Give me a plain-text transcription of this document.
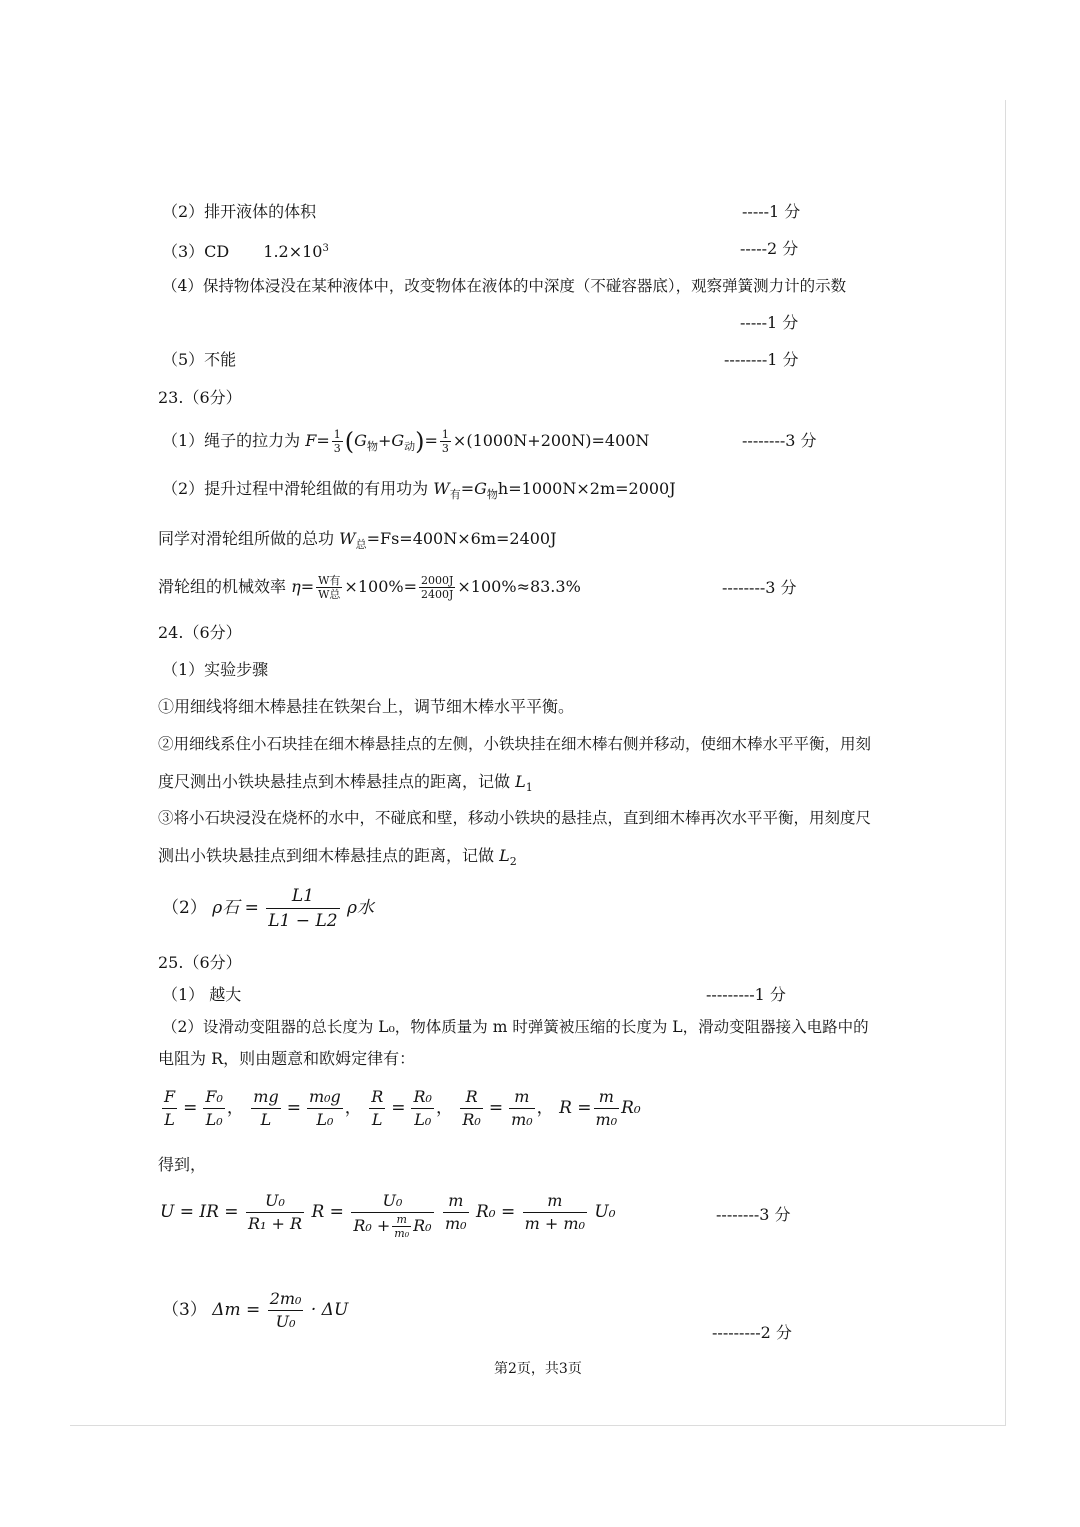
（2）排开液体的体积	-----1 分
（3）CD $1.2\times 10^3$	-----2 分
（4）保持物体浸没在某种液体中，改变物体在液体的中深度（不碰容器底），观察弹簧测力计的示数
-----1 分
（5）不能	--------1 分
23.（6分）
（1）绳子的拉力为 $F= \frac{1}{3} (G_物+G_动)= \frac{1}{3} \times(1000N+200N)=400N$	--------3 分
（2）提升过程中滑轮组做的有用功为 $W_有=G_物h=1000N\times 2m=2000J$
同学对滑轮组所做的总功 $W_总=Fs=400N\times 6m=2400J$
滑轮组的机械效率 $\eta= \frac{\text{W有}}{\text{W总}} \times 100\%= \frac{2000J}{2400J} \times 100\%\approx 83.3\%$	--------3 分
24.（6分）
（1）实验步骤
①用细线将细木棒悬挂在铁架台上，调节细木棒水平平衡。
②用细线系住小石块挂在细木棒悬挂点的左侧，小铁块挂在细木棒右侧并移动，使细木棒水平平衡，用刻
度尺测出小铁块悬挂点到木棒悬挂点的距离，记做 $L_1$
③将小石块浸没在烧杯的水中，不碰底和壁，移动小铁块的悬挂点，直到细木棒再次水平平衡，用刻度尺
测出小铁块悬挂点到细木棒悬挂点的距离，记做 $L_2$
（2） ρ石 = $\frac{L1}{L1 - L2}$ ρ水
25.（6分）
（1） 越大	---------1 分
（2）设滑动变阻器的总长度为 L₀，物体质量为 m 时弹簧被压缩的长度为 L，滑动变阻器接入电路中的
电阻为 R，则由题意和欧姆定律有：
$\frac{F}{L} = \frac{\text{F₀}}{\text{L₀}}$ ， $\frac{mg}{L} = \frac{\text{m₀g}}{\text{L₀}}$ ， $\frac{R}{L} = \frac{\text{R₀}}{\text{L₀}}$ ， $\frac{R}{\text{R₀}} = \frac{m}{\text{m₀}}$ ， $R = \frac{m}{\text{m₀}} R_0$
得到，
U = IR = $\frac{\text{U₀}}{\text{R₁ + R}}$ $R = \frac{\text{U₀}}{R_0 + \frac{m}{\text{m₀}} R_0}$
$\frac{m}{\text{m₀}} R_0 = \frac{m}{\text{m + m₀}} U_0$	--------3 分
（3） $\Delta m = \frac{\text{2m₀}}{\text{U₀}} \cdot \Delta U$
---------2 分
第2页，共3页
